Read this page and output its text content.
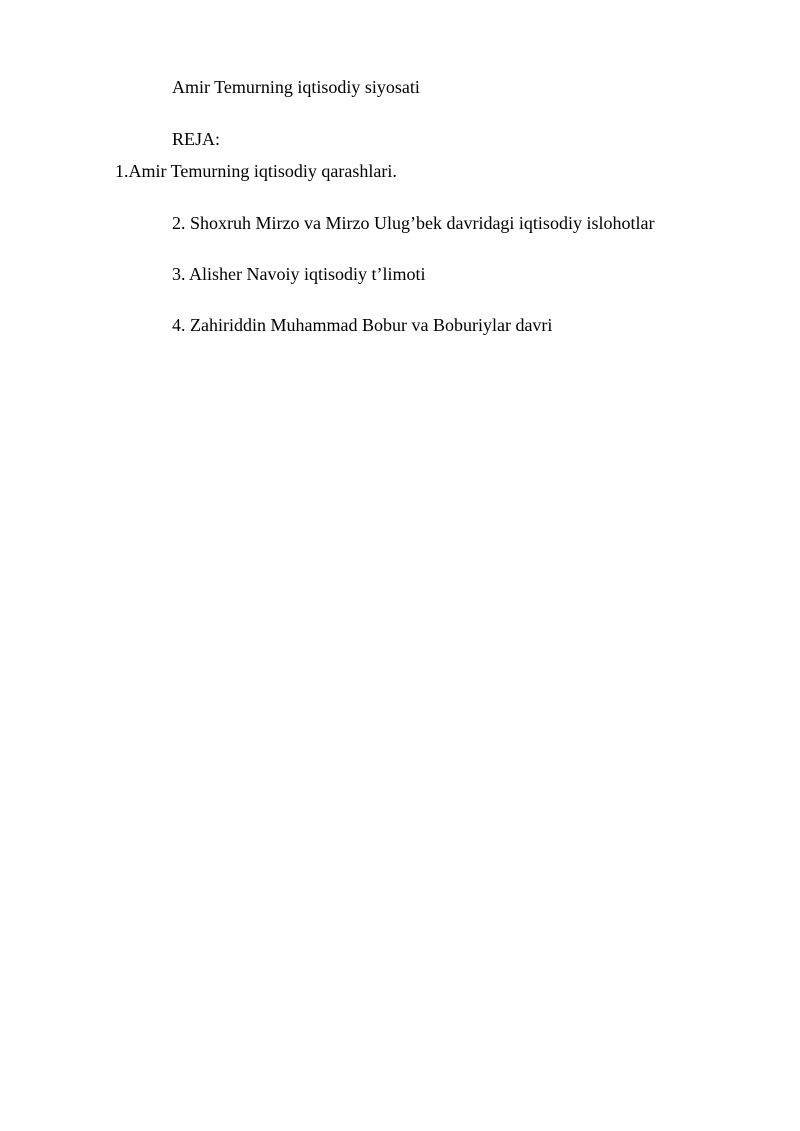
Amir Temurning iqtisodiy siyosati
REJA:
1.Amir Temurning iqtisodiy qarashlari.
2. Shoxruh Mirzo va Mirzo Ulug’bek davridagi iqtisodiy islohotlar
3. Alisher Navoiy iqtisodiy t’limoti
4. Zahiriddin Muhammad Bobur va Boburiylar davri
